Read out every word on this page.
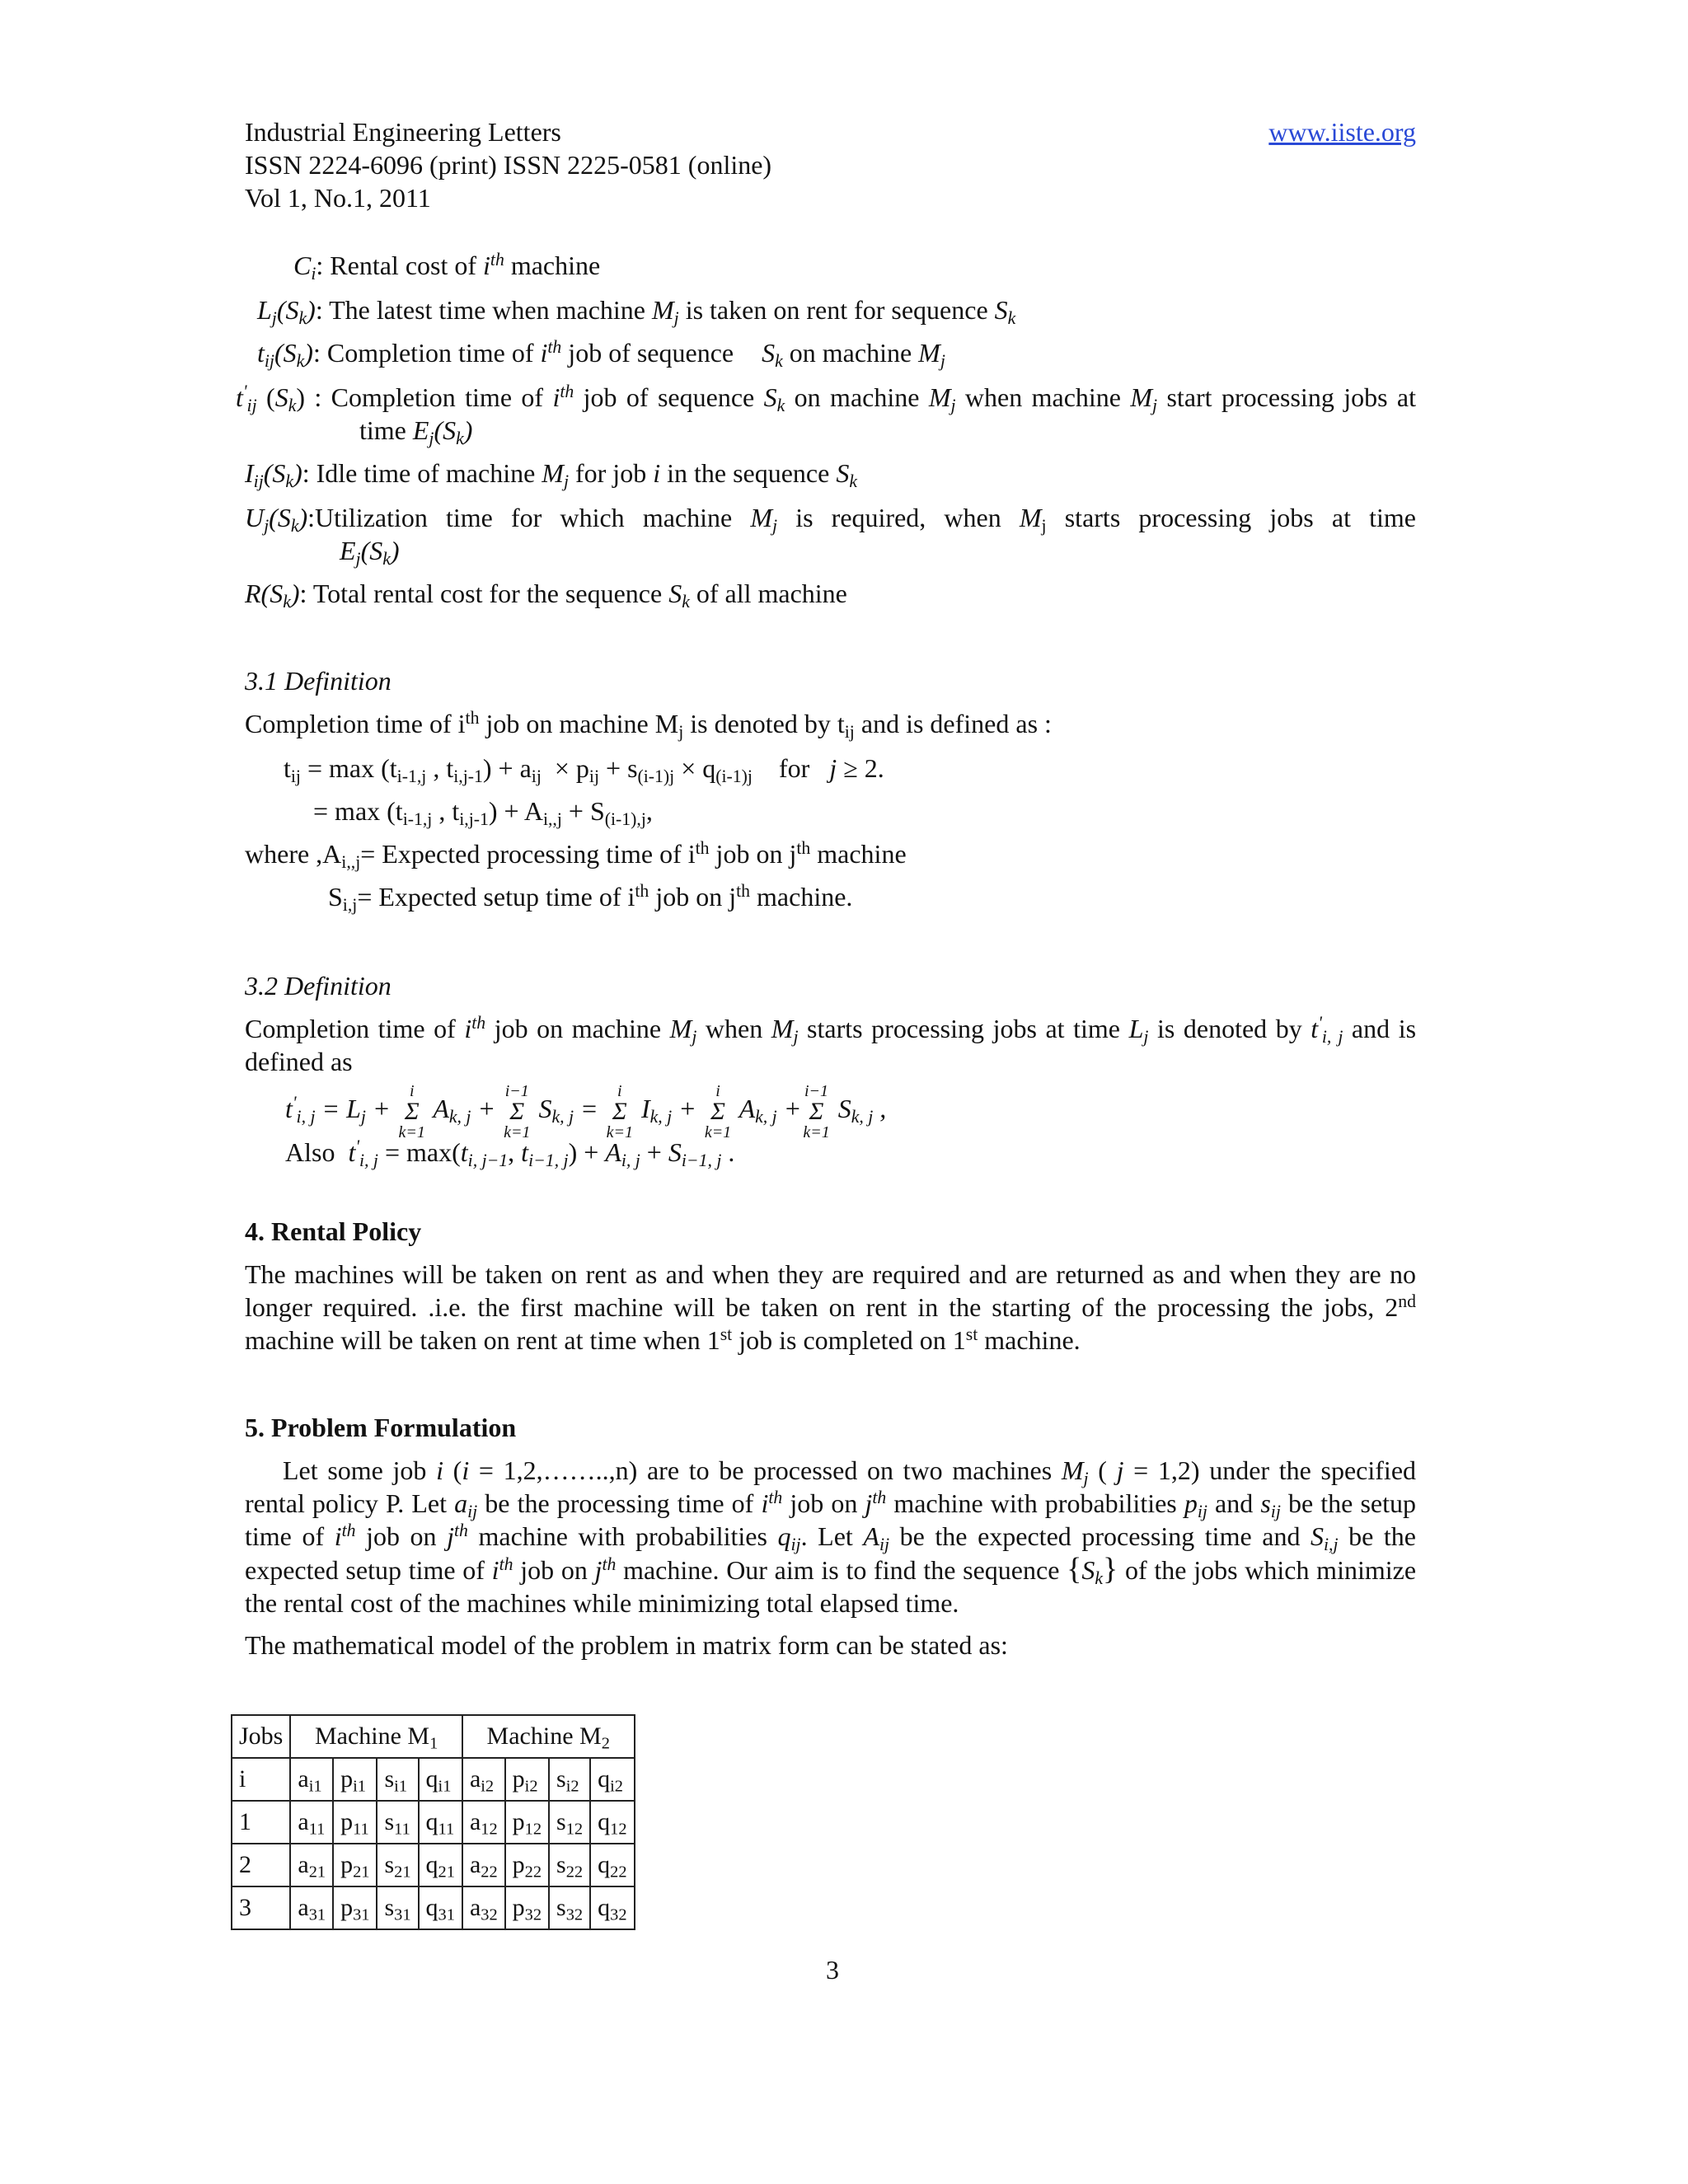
Industrial Engineering Letters
ISSN 2224-6096 (print) ISSN 2225-0581 (online)
Vol 1, No.1, 2011
www.iiste.org
$C_i$: Rental cost of $i^{th}$ machine
$L_j(S_k)$: The latest time when machine $M_j$ is taken on rent for sequence $S_k$
$t_{ij}(S_k)$: Completion time of $i^{th}$ job of sequence $S_k$ on machine $M_j$
$t'_{ij}$ $(S_k)$ : Completion time of $i^{th}$ job of sequence $S_k$ on machine $M_j$ when machine $M_j$ start processing jobs at
time $E_j(S_k)$
$I_{ij}(S_k)$: Idle time of machine $M_j$ for job i in the sequence $S_k$
$U_j(S_k):Utilization$ time for which machine $M_j$ is required, when $M_j$ starts processing jobs at time
$E_j(S_k)$
$R(S_k)$: Total rental cost for the sequence $S_k$ of all machine
3.1 Definition
Completion time of $i^{th}$ job on machine $M_j$ is denoted by $t_{ij}$ and is defined as :
$t_{ij} = \max (t_{i-1,j}$ , $t_{i,j-1}) + a_{ij} \times p_{ij} + s_{(i-1)j} \times q_{(i-1)j}$    for   j ≥ 2.
= $\max (t_{i-1,j}$ , $t_{i,j-1}) + A_{i,,j} + S_{(i-1),j}$,
where $,A_{i,,j}=$ Expected processing time of $i^{th}$ job on $j^{th}$ machine
$S_{i,j}=$ Expected setup time of $i^{th}$ job on $j^{th}$ machine.
3.2 Definition
Completion time of $i^{th}$ job on machine $M_j$ when $M_j$ starts processing jobs at time $L_j$ is denoted by $t'_{i, j}$ and is
defined as
$t'_{i, j} = L_j$ +
i
Σ
k=1
$A_{k, j}$ +
i−1
Σ
k=1
$S_{k, j}$ =
i
Σ
k=1
$I_{k, j}$ +
i
Σ
k=1
$A_{k, j}$ +
i−1
Σ
k=1
$S_{k, j}$ ,
Also $t'_{i, j} = \max(t_{i, j-1}$, $t_{i-1, j}) + A_{i, j} + S_{i-1, j}$ .
4. Rental Policy
The machines will be taken on rent as and when they are required and are returned as and when they are no longer required. .i.e. the first machine will be taken on rent in the starting of the processing the jobs, 2nd machine will be taken on rent at time when 1st job is completed on 1st machine.
5. Problem Formulation
Let some job i (i = 1,2,……..,n) are to be processed on two machines $M_j$ ( j = 1,2) under the specified rental policy P. Let $a_{ij}$ be the processing time of $i^{th}$ job on $j^{th}$ machine with probabilities $p_{ij}$ and $s_{ij}$ be the setup time of $i^{th}$ job on $j^{th}$ machine with probabilities $q_{ij}$. Let $A_{ij}$ be the expected processing time and $S_{i,j}$ be the expected setup time of $i^{th}$ job on $j^{th}$ machine. Our aim is to find the sequence $\{S_k\}$ of the jobs which minimize the rental cost of the machines while minimizing total elapsed time.
The mathematical model of the problem in matrix form can be stated as:
Jobs	Machine $M_1$				Machine $M_2$
i	$a_{i1}$	$p_{i1}$	$s_{i1}$	$q_{i1}$	$a_{i2}$	$p_{i2}$	$s_{i2}$	$q_{i2}$
1	$a_{11}$	$p_{11}$	$s_{11}$	$q_{11}$	$a_{12}$	$p_{12}$	$s_{12}$	$q_{12}$
2	$a_{21}$	$p_{21}$	$s_{21}$	$q_{21}$	$a_{22}$	$p_{22}$	$s_{22}$	$q_{22}$
3	$a_{31}$	$p_{31}$	$s_{31}$	$q_{31}$	$a_{32}$	$p_{32}$	$s_{32}$	$q_{32}$
3
